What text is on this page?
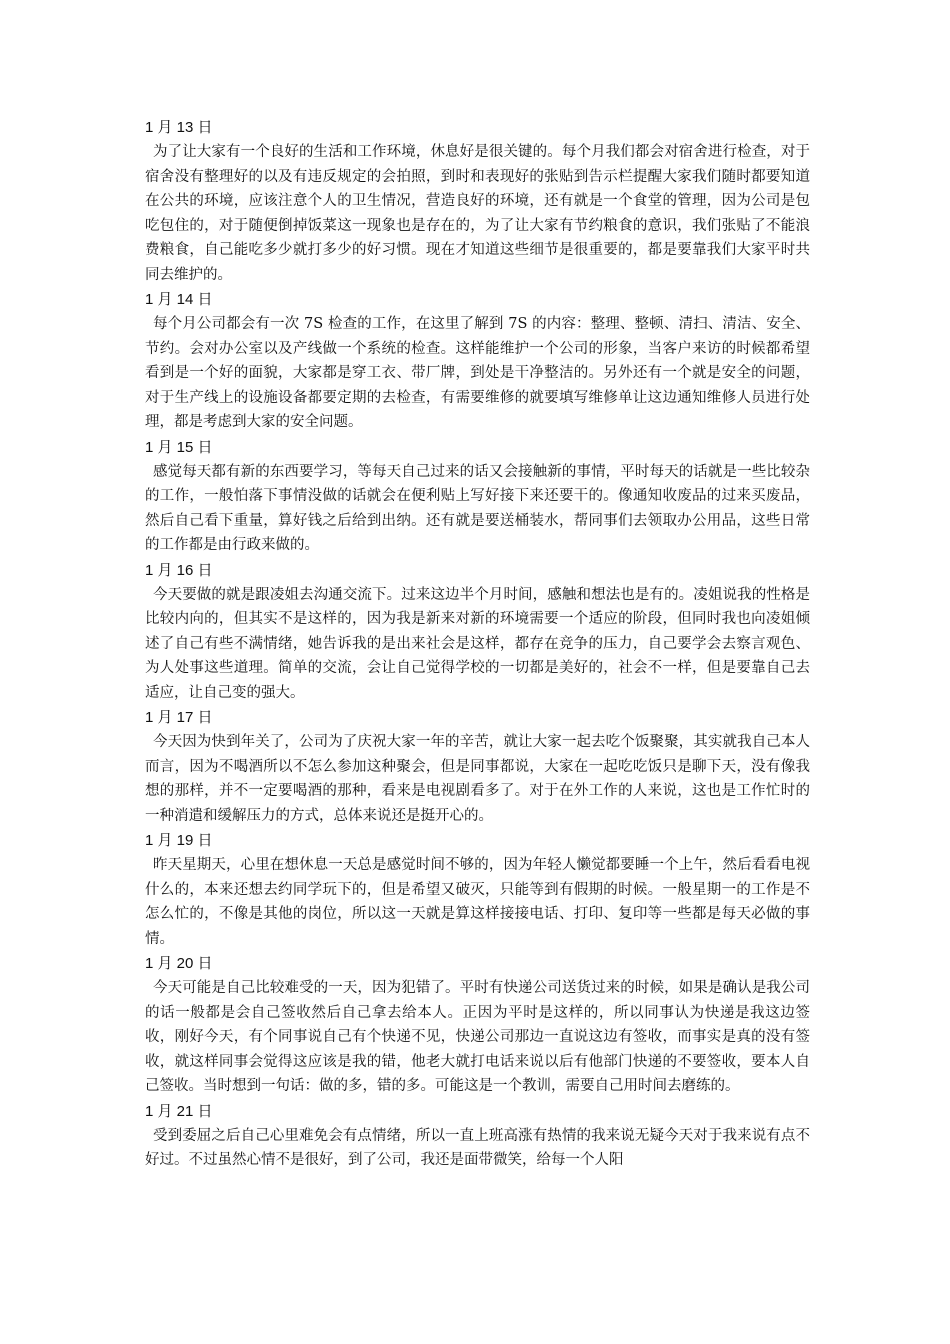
1 月 13 日

为了让大家有一个良好的生活和工作环境，休息好是很关键的。每个月我们都会对宿舍进行检查，对于宿舍没有整理好的以及有违反规定的会拍照，到时和表现好的张贴到告示栏提醒大家我们随时都要知道在公共的环境，应该注意个人的卫生情况，营造良好的环境，还有就是一个食堂的管理，因为公司是包吃包住的，对于随便倒掉饭菜这一现象也是存在的，为了让大家有节约粮食的意识，我们张贴了不能浪费粮食，自己能吃多少就打多少的好习惯。现在才知道这些细节是很重要的，都是要靠我们大家平时共同去维护的。

1 月 14 日

每个月公司都会有一次 7S 检查的工作，在这里了解到 7S 的内容：整理、整顿、清扫、清洁、安全、节约。会对办公室以及产线做一个系统的检查。这样能维护一个公司的形象，当客户来访的时候都希望看到是一个好的面貌，大家都是穿工衣、带厂牌，到处是干净整洁的。另外还有一个就是安全的问题，对于生产线上的设施设备都要定期的去检查，有需要维修的就要填写维修单让这边通知维修人员进行处理，都是考虑到大家的安全问题。

1 月 15 日

感觉每天都有新的东西要学习，等每天自己过来的话又会接触新的事情，平时每天的话就是一些比较杂的工作，一般怕落下事情没做的话就会在便利贴上写好接下来还要干的。像通知收废品的过来买废品，然后自己看下重量，算好钱之后给到出纳。还有就是要送桶装水，帮同事们去领取办公用品，这些日常的工作都是由行政来做的。

1 月 16 日

今天要做的就是跟凌姐去沟通交流下。过来这边半个月时间，感触和想法也是有的。凌姐说我的性格是比较内向的，但其实不是这样的，因为我是新来对新的环境需要一个适应的阶段，但同时我也向凌姐倾述了自己有些不满情绪，她告诉我的是出来社会是这样，都存在竞争的压力，自己要学会去察言观色、为人处事这些道理。简单的交流，会让自己觉得学校的一切都是美好的，社会不一样，但是要靠自己去适应，让自己变的强大。

1 月 17 日

今天因为快到年关了，公司为了庆祝大家一年的辛苦，就让大家一起去吃个饭聚聚，其实就我自己本人而言，因为不喝酒所以不怎么参加这种聚会，但是同事都说，大家在一起吃吃饭只是聊下天，没有像我想的那样，并不一定要喝酒的那种，看来是电视剧看多了。对于在外工作的人来说，这也是工作忙时的一种消遣和缓解压力的方式，总体来说还是挺开心的。

1 月 19 日

昨天星期天，心里在想休息一天总是感觉时间不够的，因为年轻人懒觉都要睡一个上午，然后看看电视什么的，本来还想去约同学玩下的，但是希望又破灭，只能等到有假期的时候。一般星期一的工作是不怎么忙的，不像是其他的岗位，所以这一天就是算这样接接电话、打印、复印等一些都是每天必做的事情。

1 月 20 日

今天可能是自己比较难受的一天，因为犯错了。平时有快递公司送货过来的时候，如果是确认是我公司的话一般都是会自己签收然后自己拿去给本人。正因为平时是这样的，所以同事认为快递是我这边签收，刚好今天，有个同事说自己有个快递不见，快递公司那边一直说这边有签收，而事实是真的没有签收，就这样同事会觉得这应该是我的错，他老大就打电话来说以后有他部门快递的不要签收，要本人自己签收。当时想到一句话：做的多，错的多。可能这是一个教训，需要自己用时间去磨练的。

1 月 21 日

受到委屈之后自己心里难免会有点情绪，所以一直上班高涨有热情的我来说无疑今天对于我来说有点不好过。不过虽然心情不是很好，到了公司，我还是面带微笑，给每一个人阳
